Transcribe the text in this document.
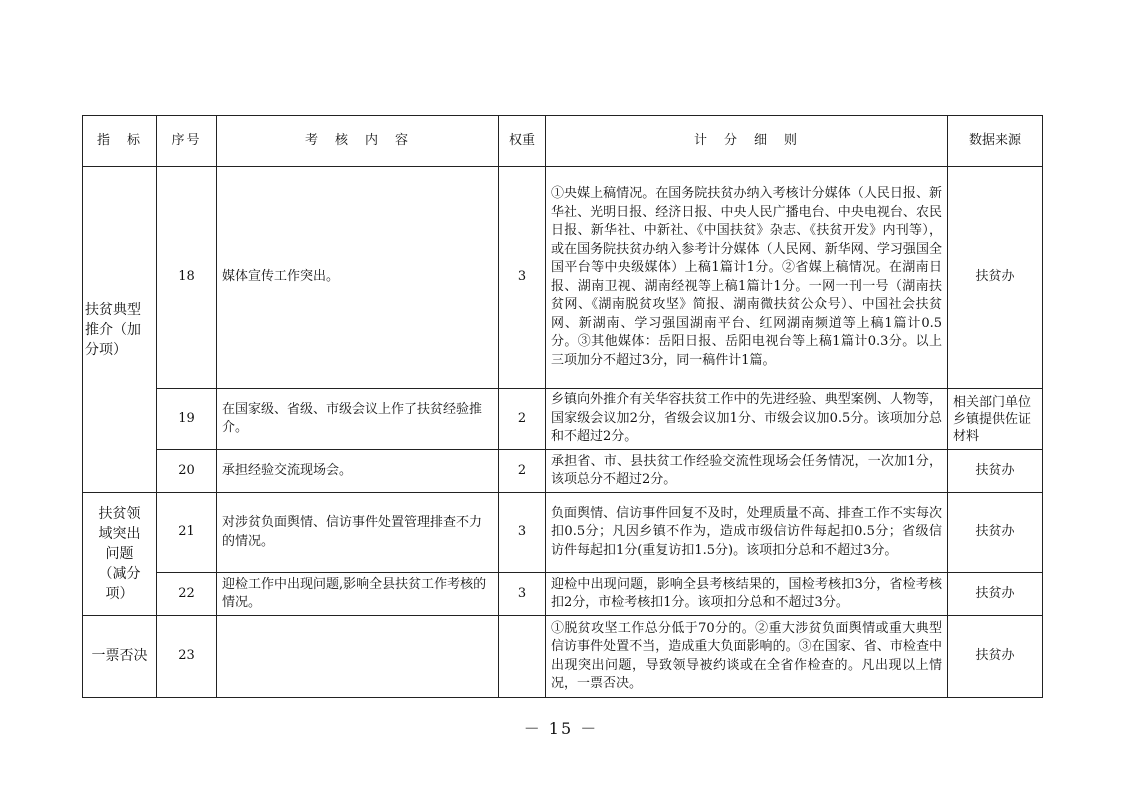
指　标	序号	考　核　内　容	权重	计　分　细　则	数据来源
扶贫典型推介（加分项）	18	媒体宣传工作突出。	3	①央媒上稿情况。在国务院扶贫办纳入考核计分媒体（人民日报、新华社、光明日报、经济日报、中央人民广播电台、中央电视台、农民日报、新华社、中新社、《中国扶贫》杂志、《扶贫开发》内刊等），或在国务院扶贫办纳入参考计分媒体（人民网、新华网、学习强国全国平台等中央级媒体）上稿1篇计1分。②省媒上稿情况。在湖南日报、湖南卫视、湖南经视等上稿1篇计1分。一网一刊一号（湖南扶贫网、《湖南脱贫攻坚》简报、湖南微扶贫公众号）、中国社会扶贫网、新湖南、学习强国湖南平台、红网湖南频道等上稿1篇计0.5分。③其他媒体：岳阳日报、岳阳电视台等上稿1篇计0.3分。以上三项加分不超过3分，同一稿件计1篇。	扶贫办
	19	在国家级、省级、市级会议上作了扶贫经验推介。	2	乡镇向外推介有关华容扶贫工作中的先进经验、典型案例、人物等，国家级会议加2分，省级会议加1分、市级会议加0.5分。该项加分总和不超过2分。	相关部门单位乡镇提供佐证材料
	20	承担经验交流现场会。	2	承担省、市、县扶贫工作经验交流性现场会任务情况，一次加1分，该项总分不超过2分。	扶贫办
扶贫领域突出问题（减分项）	21	对涉贫负面舆情、信访事件处置管理排查不力的情况。	3	负面舆情、信访事件回复不及时，处理质量不高、排查工作不实每次扣0.5分；凡因乡镇不作为，造成市级信访件每起扣0.5分；省级信访件每起扣1分(重复访扣1.5分)。该项扣分总和不超过3分。	扶贫办
	22	迎检工作中出现问题,影响全县扶贫工作考核的情况。	3	迎检中出现问题，影响全县考核结果的，国检考核扣3分，省检考核扣2分，市检考核扣1分。该项扣分总和不超过3分。	扶贫办
一票否决	23			①脱贫攻坚工作总分低于70分的。②重大涉贫负面舆情或重大典型信访事件处置不当，造成重大负面影响的。③在国家、省、市检查中出现突出问题，导致领导被约谈或在全省作检查的。凡出现以上情况，一票否决。	扶贫办
－ 15 －
